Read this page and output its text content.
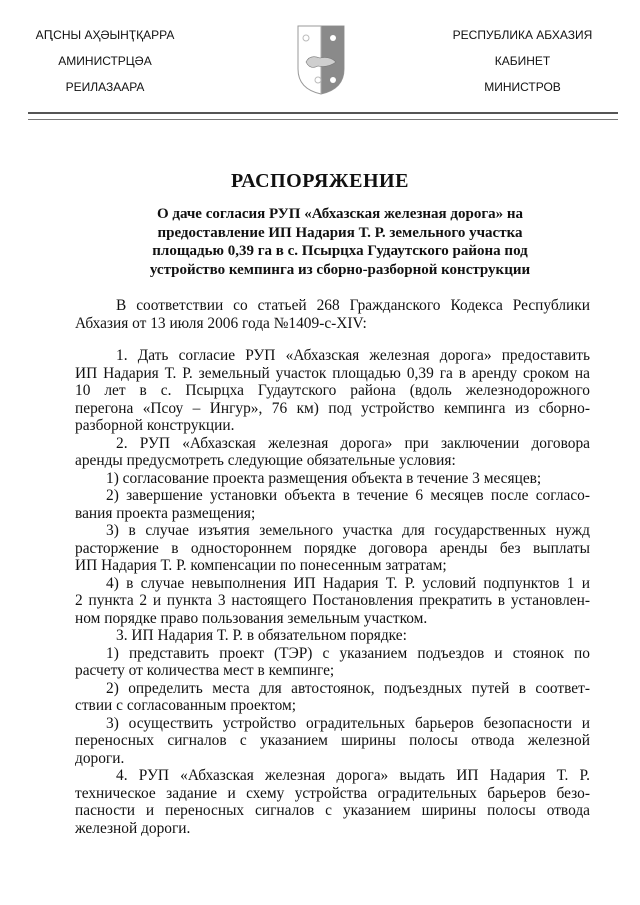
АԤСНЫ АҲӘЫНҬҚАРРА
АМИНИСТРЦӘА
РЕИЛАЗААРА
РЕСПУБЛИКА АБХАЗИЯ
КАБИНЕТ
МИНИСТРОВ
РАСПОРЯЖЕНИЕ
О даче согласия РУП «Абхазская железная дорога» на
предоставление ИП Надария Т. Р. земельного участка
площадью 0,39 га в с. Псырцха Гудаутского района под
устройство кемпинга из сборно-разборной конструкции
В соответствии со статьей 268 Гражданского Кодекса Республики
Абхазия от 13 июля 2006 года №1409-с-XIV:
1. Дать согласие РУП «Абхазская железная дорога» предоставить
ИП Надария Т. Р. земельный участок площадью 0,39 га в аренду сроком на
10 лет в с. Псырцха Гудаутского района (вдоль железнодорожного
перегона «Псоу – Ингур», 76 км) под устройство кемпинга из сборно-
разборной конструкции.
2. РУП «Абхазская железная дорога» при заключении договора
аренды предусмотреть следующие обязательные условия:
1) согласование проекта размещения объекта в течение 3 месяцев;
2) завершение установки объекта в течение 6 месяцев после согласо-
вания проекта размещения;
3) в случае изъятия земельного участка для государственных нужд
расторжение в одностороннем порядке договора аренды без выплаты
ИП Надария Т. Р. компенсации по понесенным затратам;
4) в случае невыполнения ИП Надария Т. Р. условий подпунктов 1 и
2 пункта 2 и пункта 3 настоящего Постановления прекратить в установлен-
ном порядке право пользования земельным участком.
3. ИП Надария Т. Р. в обязательном порядке:
1) представить проект (ТЭР) с указанием подъездов и стоянок по
расчету от количества мест в кемпинге;
2) определить места для автостоянок, подъездных путей в соответ-
ствии с согласованным проектом;
3) осуществить устройство оградительных барьеров безопасности и
переносных сигналов с указанием ширины полосы отвода железной
дороги.
4. РУП «Абхазская железная дорога» выдать ИП Надария Т. Р.
техническое задание и схему устройства оградительных барьеров безо-
пасности и переносных сигналов с указанием ширины полосы отвода
железной дороги.
